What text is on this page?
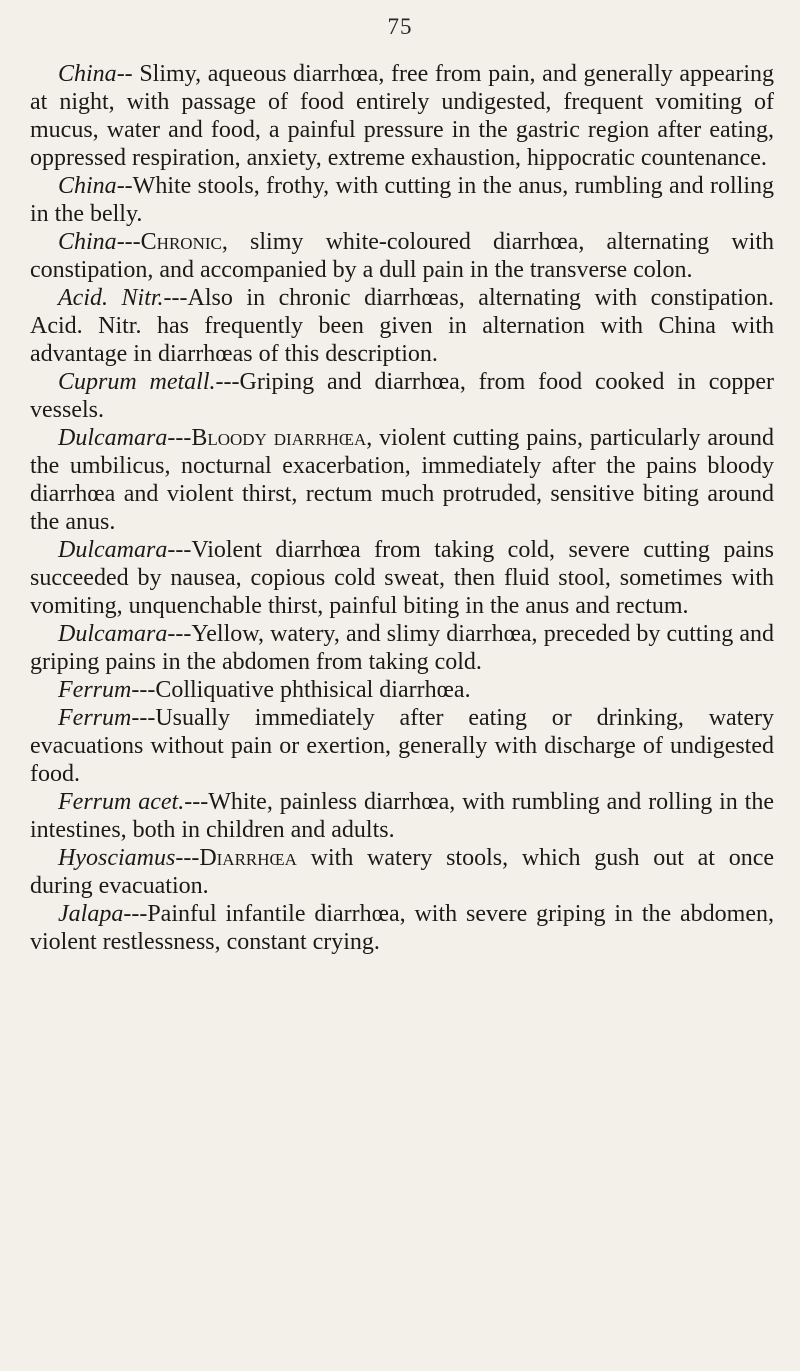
75

China-- Slimy, aqueous diarrhœa, free from pain, and generally appearing at night, with passage of food entirely undigested, frequent vomiting of mucus, water and food, a painful pressure in the gastric region after eating, oppressed respiration, anxiety, extreme exhaustion, hippocratic countenance.

China--White stools, frothy, with cutting in the anus, rumbling and rolling in the belly.

China---Chronic, slimy white-coloured diarrhœa, alternating with constipation, and accompanied by a dull pain in the transverse colon.

Acid. Nitr.---Also in chronic diarrhœas, alternating with constipation. Acid. Nitr. has frequently been given in alternation with China with advantage in diarrhœas of this description.

Cuprum metall.---Griping and diarrhœa, from food cooked in copper vessels.

Dulcamara---Bloody diarrhœa, violent cutting pains, particularly around the umbilicus, nocturnal exacerbation, immediately after the pains bloody diarrhœa and violent thirst, rectum much protruded, sensitive biting around the anus.

Dulcamara---Violent diarrhœa from taking cold, severe cutting pains succeeded by nausea, copious cold sweat, then fluid stool, sometimes with vomiting, unquenchable thirst, painful biting in the anus and rectum.

Dulcamara---Yellow, watery, and slimy diarrhœa, preceded by cutting and griping pains in the abdomen from taking cold.

Ferrum---Colliquative phthisical diarrhœa.

Ferrum---Usually immediately after eating or drinking, watery evacuations without pain or exertion, generally with discharge of undigested food.

Ferrum acet.---White, painless diarrhœa, with rumbling and rolling in the intestines, both in children and adults.

Hyosciamus---Diarrhœa with watery stools, which gush out at once during evacuation.

Jalapa---Painful infantile diarrhœa, with severe griping in the abdomen, violent restlessness, constant crying.
